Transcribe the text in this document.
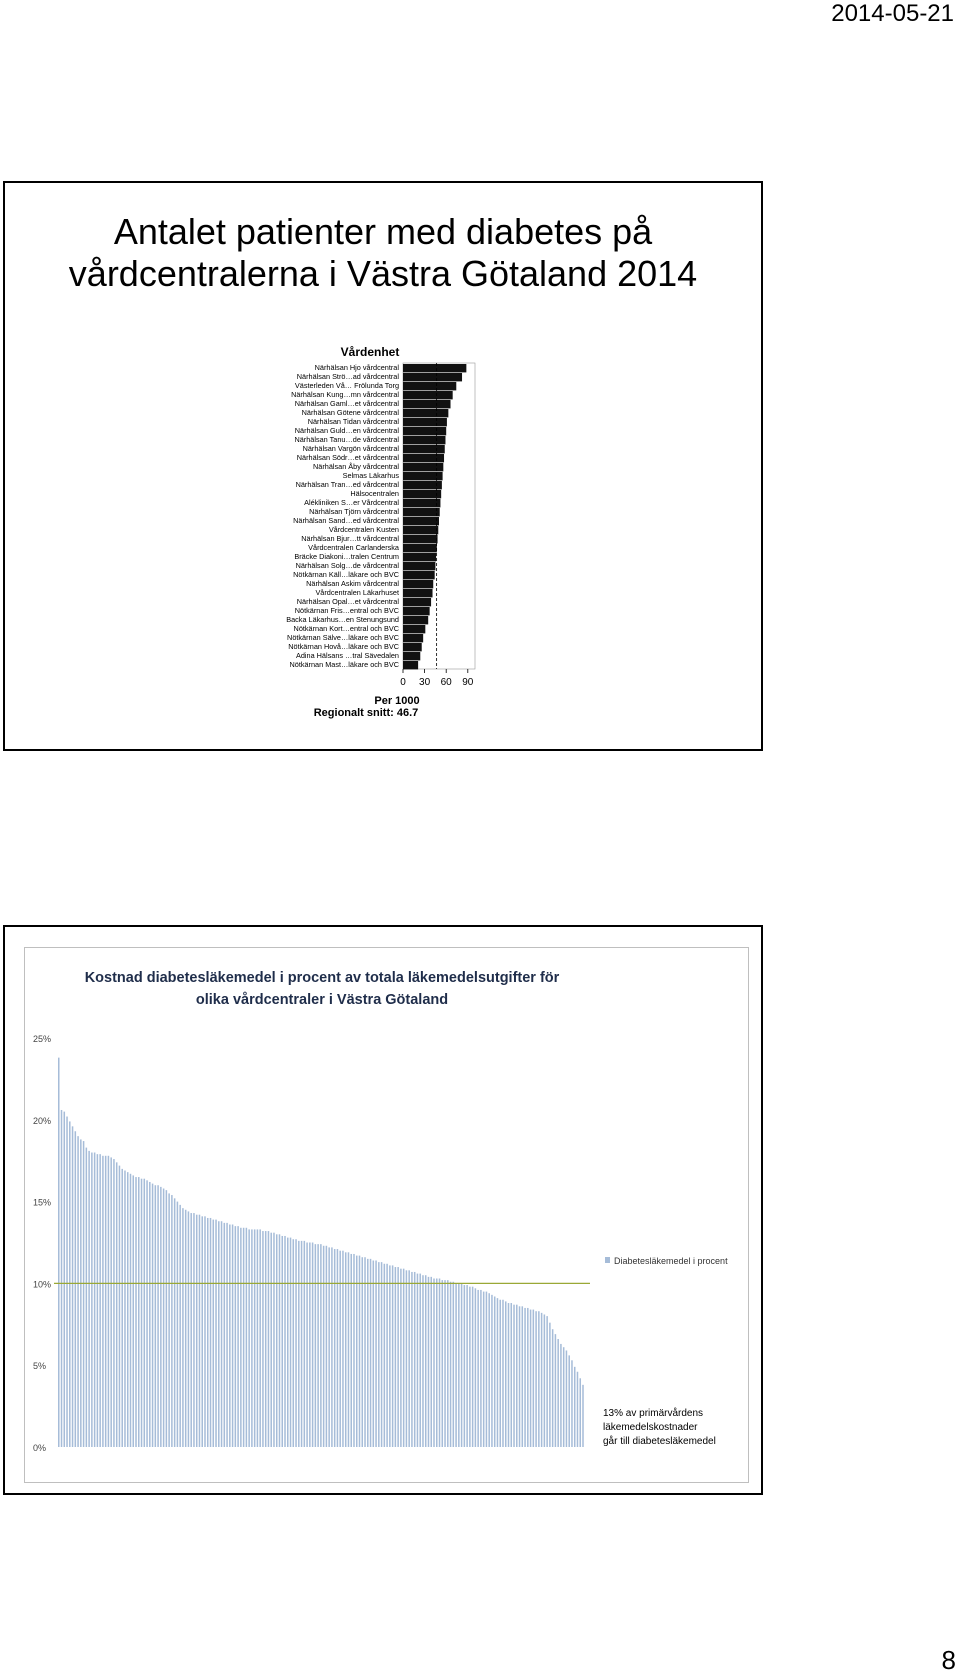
2014-05-21
Antalet patienter med diabetes på
vårdcentralerna i Västra Götaland 2014
Vårdenhet
Närhälsan Hjo vårdcentral
Närhälsan Strö…ad vårdcentral
Västerleden Vå… Frölunda Torg
Närhälsan Kung…mn vårdcentral
Närhälsan Gaml…et vårdcentral
Närhälsan Götene vårdcentral
Närhälsan Tidan vårdcentral
Närhälsan Guld…en vårdcentral
Närhälsan Tanu…de vårdcentral
Närhälsan Vargön vårdcentral
Närhälsan Södr…et vårdcentral
Närhälsan Åby vårdcentral
Selmas Läkarhus
Närhälsan Tran…ed vårdcentral
Hälsocentralen
Alékliniken S…er Vårdcentral
Närhälsan Tjörn vårdcentral
Närhälsan Sand…ed vårdcentral
Vårdcentralen Kusten
Närhälsan Bjur…tt vårdcentral
Vårdcentralen Carlanderska
Bräcke Diakoni…tralen Centrum
Närhälsan Solg…de vårdcentral
Nötkärnan Käll…läkare och BVC
Närhälsan Askim vårdcentral
Vårdcentralen Läkarhuset
Närhälsan Opal…et vårdcentral
Nötkärnan Fris…entral och BVC
Backa Läkarhus…en Stenungsund
Nötkärnan Kort…entral och BVC
Nötkärnan Sälve…läkare och BVC
Nötkärnan Hovå…läkare och BVC
Adina Hälsans …tral Sävedalen
Nötkärnan Mast…läkare och BVC
0 30 60 90
Per 1000
Regionalt snitt: 46.7
Kostnad diabetesläkemedel i procent av totala läkemedelsutgifter för
olika vårdcentraler i Västra Götaland
0%
5%
10%
15%
20%
25%
Diabetesläkemedel i procent
13% av primärvårdens
läkemedelskostnader
går till diabetesläkemedel
8
